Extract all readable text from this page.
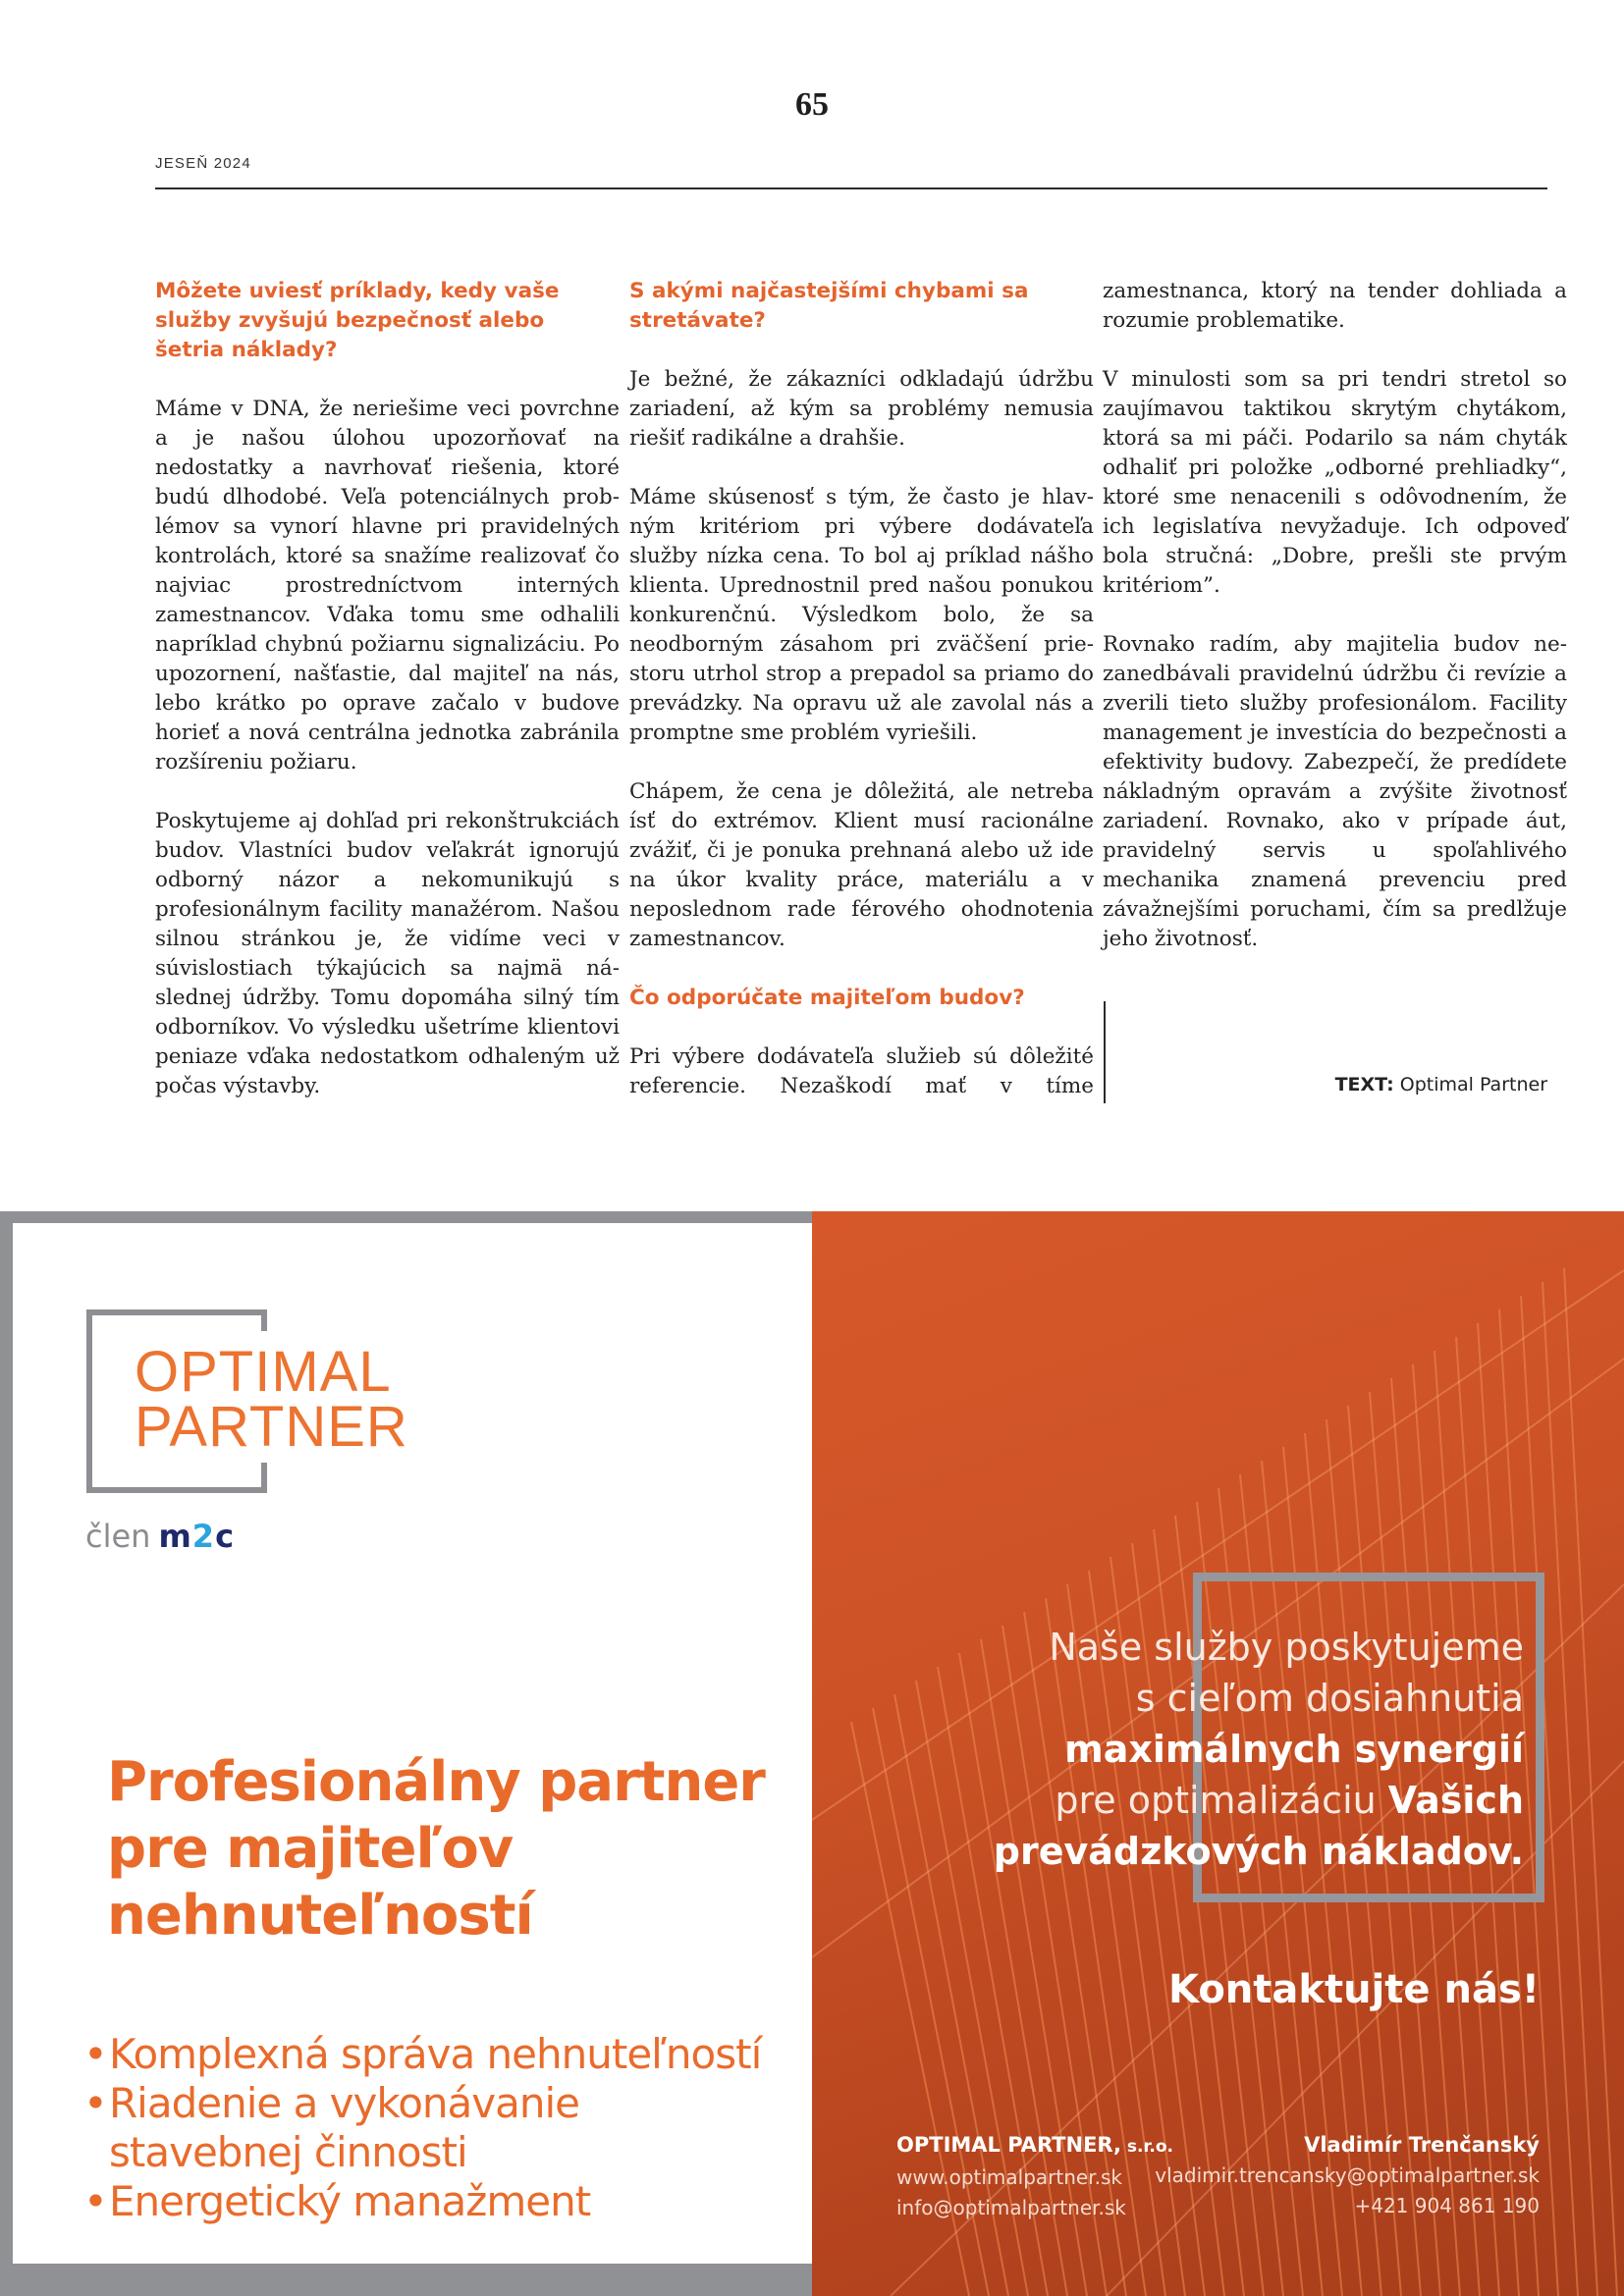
65
JESEŇ 2024
Môžete uviesť príklady, kedy vaše služby zvyšujú bezpečnosť alebo šetria náklady?

Máme v DNA, že neriešime veci povrchne a je našou úlohou upozorňovať na nedostatky a navrhovať riešenia, ktoré budú dlhodobé. Veľa potenciálnych problémov sa vynorí hlavne pri pravidelných kontrolách, ktoré sa snažíme realizovať čo najviac prostredníctvom interných zamestnancov. Vďaka tomu sme odhalili napríklad chybnú požiarnu signalizáciu. Po upozornení, našťastie, dal majiteľ na nás, lebo krátko po oprave začalo v budove horieť a nová centrálna jednotka zabránila rozšíreniu požiaru.

Poskytujeme aj dohľad pri rekonštrukciách budov. Vlastníci budov veľakrát ignorujú odborný názor a nekomunikujú s profesionálnym facility manažérom. Našou silnou stránkou je, že vidíme veci v súvislostiach týkajúcich sa najmä následnej údržby. Tomu dopomáha silný tím odborníkov. Vo výsledku ušetríme klientovi peniaze vďaka nedostatkom odhaleným už počas výstavby.

S akými najčastejšími chybami sa stretávate?

Je bežné, že zákazníci odkladajú údržbu zariadení, až kým sa problémy nemusia riešiť radikálne a drahšie.

Máme skúsenosť s tým, že často je hlavným kritériom pri výbere dodávateľa služby nízka cena. To bol aj príklad nášho klienta. Uprednostnil pred našou ponukou konkurenčnú. Výsledkom bolo, že sa neodborným zásahom pri zväčšení priestoru utrhol strop a prepadol sa priamo do prevádzky. Na opravu už ale zavolal nás a promptne sme problém vyriešili.

Chápem, že cena je dôležitá, ale netreba ísť do extrémov. Klient musí racionálne zvážiť, či je ponuka prehnaná alebo už ide na úkor kvality práce, materiálu a v neposlednom rade férového ohodnotenia zamestnancov.

Čo odporúčate majiteľom budov?

Pri výbere dodávateľa služieb sú dôležité referencie. Nezaškodí mať v tíme

zamestnanca, ktorý na tender dohliada a rozumie problematike.

V minulosti som sa pri tendri stretol so zaujímavou taktikou skrytým chytákom, ktorá sa mi páči. Podarilo sa nám chyták odhaliť pri položke „odborné prehliadky“, ktoré sme nenacenili s odôvodnením, že ich legislatíva nevyžaduje. Ich odpoveď bola stručná: „Dobre, prešli ste prvým kritériom”.

Rovnako radím, aby majitelia budov nezanedbávali pravidelnú údržbu či revízie a zverili tieto služby profesionálom. Facility management je investícia do bezpečnosti a efektivity budovy. Zabezpečí, že predídete nákladným opravám a zvýšite životnosť zariadení. Rovnako, ako v prípade áut, pravidelný servis u spoľahlivého mechanika znamená prevenciu pred závažnejšími poruchami, čím sa predlžuje jeho životnosť.

TEXT: Optimal Partner
OPTIMAL
PARTNER
člen m2c
Profesionálny partner
pre majiteľov
nehnuteľností
• Komplexná správa nehnuteľností
• Riadenie a vykonávanie
stavebnej činnosti
• Energetický manažment
Naše služby poskytujeme
s cieľom dosiahnutia
maximálnych synergií
pre optimalizáciu Vašich
prevádzkových nákladov.
Kontaktujte nás!
OPTIMAL PARTNER, s.r.o.
www.optimalpartner.sk
info@optimalpartner.sk
Vladimír Trenčanský
vladimir.trencansky@optimalpartner.sk
+421 904 861 190
